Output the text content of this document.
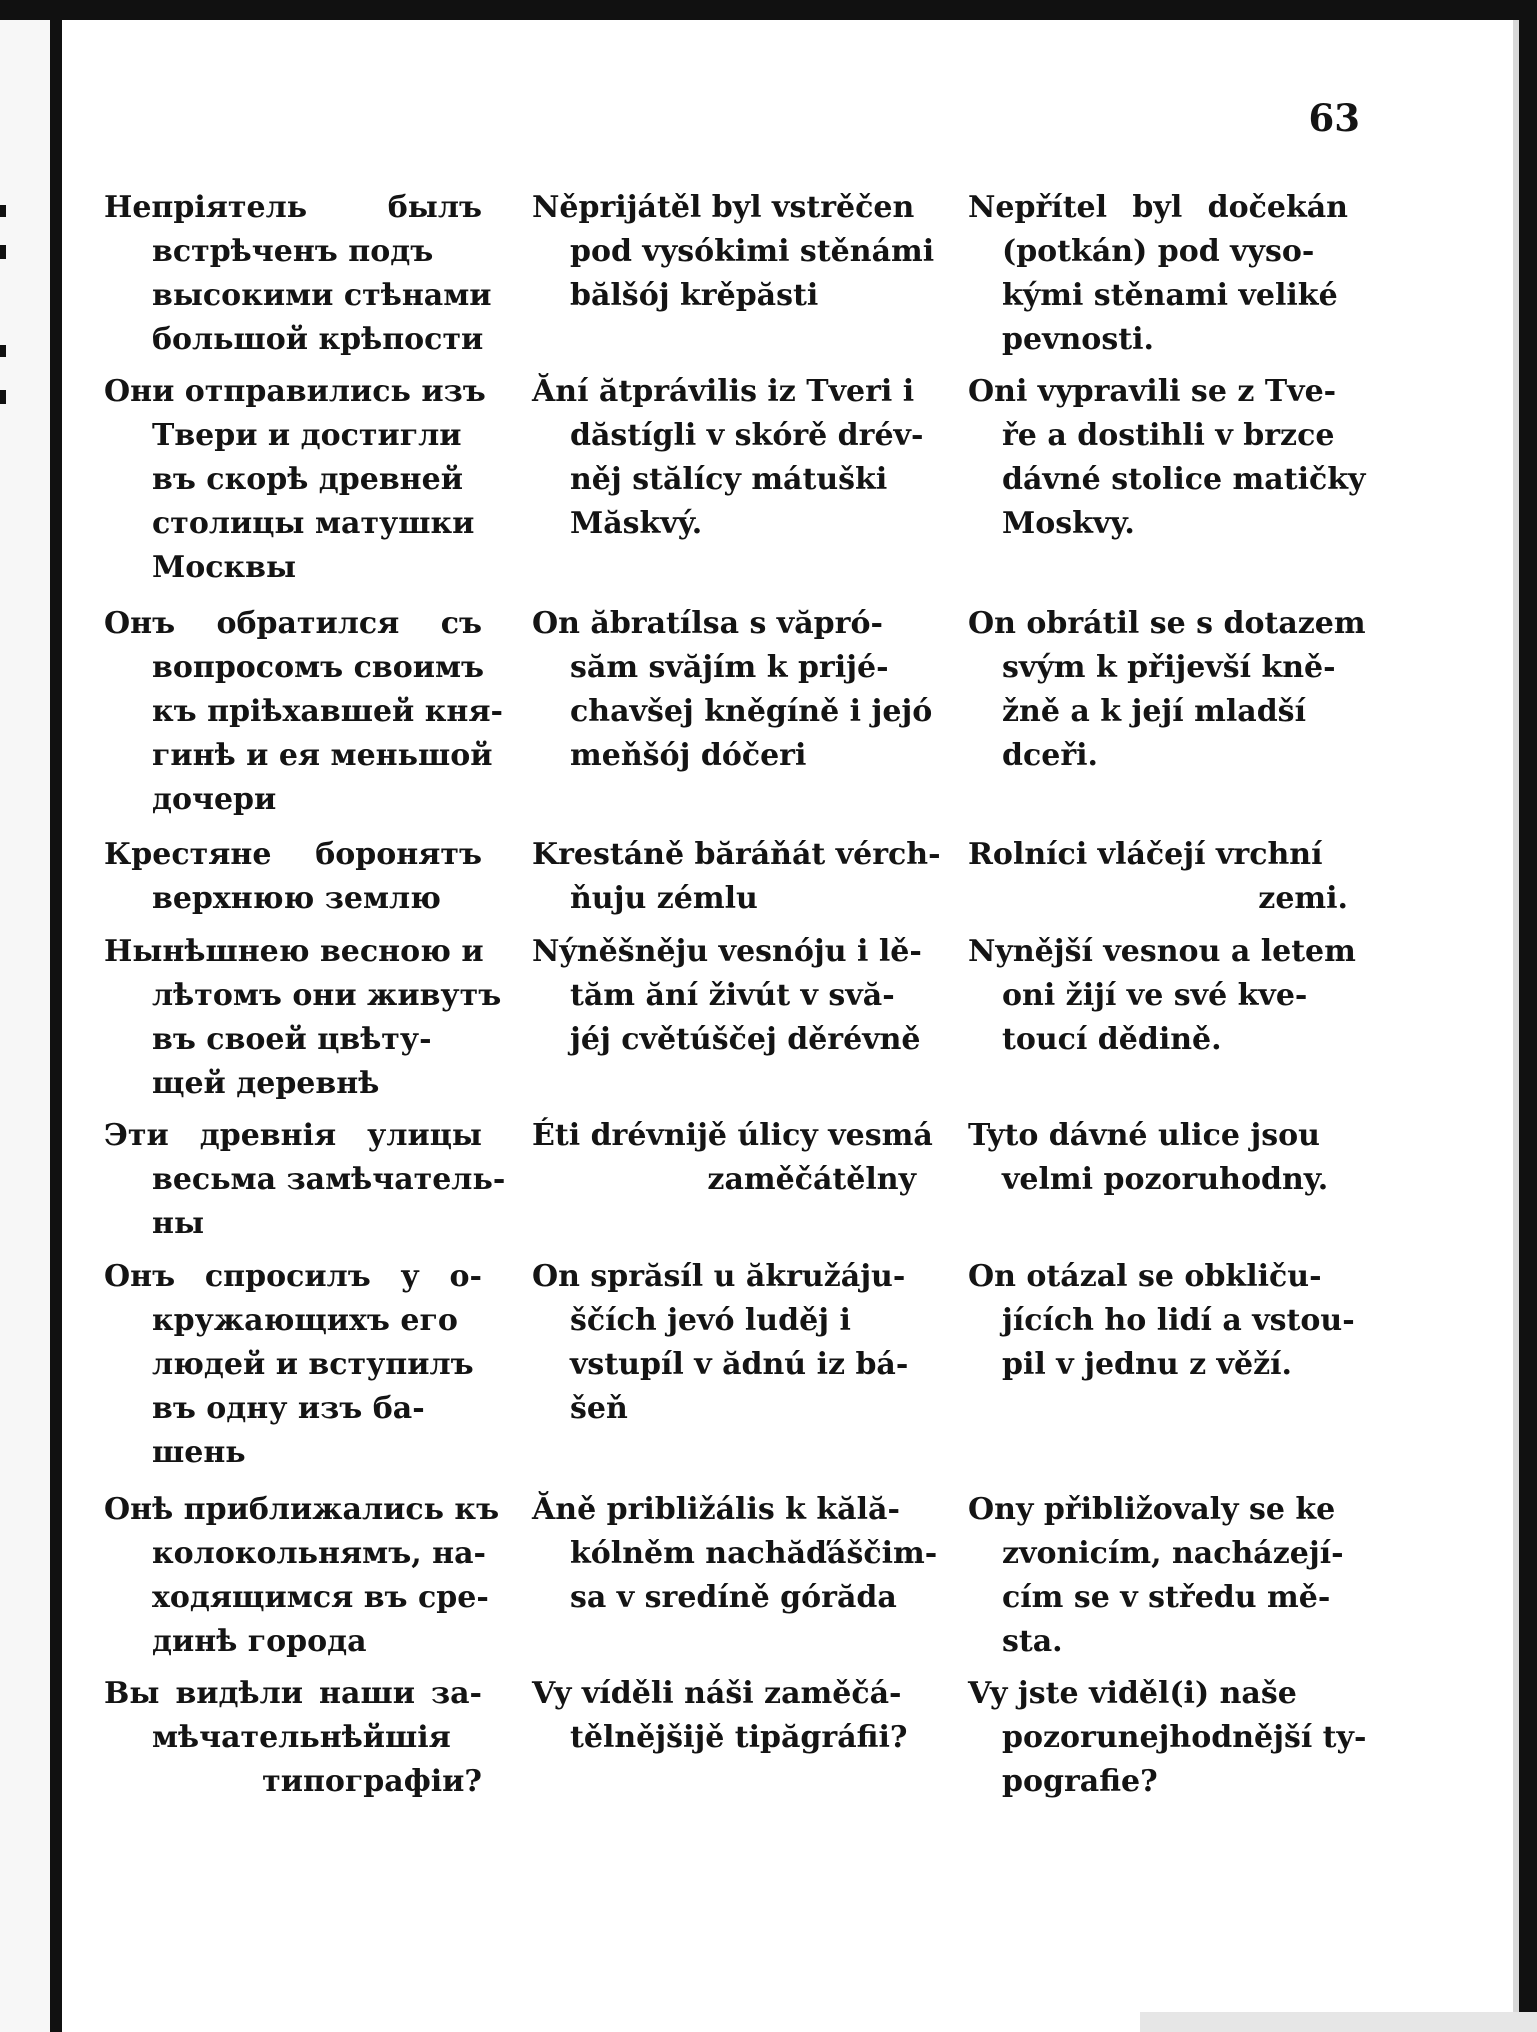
63
Непріятель былъ
встрѣченъ подъ
высокими стѣнами
большой крѣпости
Něprijátěl byl vstrěčen
pod vysókimi stěnámi
bălšój krěpăsti
Nepřítel byl dočekán
(potkán) pod vyso-
kými stěnami veliké
pevnosti.
Они отправились изъ
Твери и достигли
въ скорѣ древней
столицы матушки
Москвы
Ăní ătprávilis iz Tveri i
dăstígli v skórě drév-
něj stălícy mátuški
Măskvý.
Oni vypravili se z Tve-
ře a dostihli v brzce
dávné stolice matičky
Moskvy.
Онъ обратился съ
вопросомъ своимъ
къ пріѣхавшей кня-
гинѣ и ея меньшой
дочери
On ăbratílsa s văpró-
săm svăjím k prijé-
chavšej kněgíně i jejó
meňšój dóčeri
On obrátil se s dotazem
svým k přijevší kně-
žně a k její mladší
dceři.
Крестяне боронятъ
верхнюю землю
Krestáně băráňát vérch-
ňuju zémlu
Rolníci vláčejí vrchní
zemi.
Нынѣшнею весною и
лѣтомъ они живутъ
въ своей цвѣту-
щей деревнѣ
Nýněšněju vesnóju i lě-
tăm ăní živút v svă-
jéj cvětúščej děrévně
Nynější vesnou a letem
oni žijí ve své kve-
toucí dědině.
Эти древнія улицы
весьма замѣчатель-
ны
Éti drévnijě úlicy vesmá
zaměčátělny
Tyto dávné ulice jsou
velmi pozoruhodny.
Онъ спросилъ у о-
кружающихъ его
людей и вступилъ
въ одну изъ ба-
шень
On sprăsíl u ăkružáju-
ščích jevó luděj i
vstupíl v ădnú iz bá-
šeň
On otázal se obkliču-
jících ho lidí a vstou-
pil v jednu z věží.
Онѣ приближались къ
колокольнямъ, на-
ходящимся въ сре-
динѣ города
Ăně približális k kălă-
kólněm nachăďáščim-
sa v sredíně górăda
Ony přibližovaly se ke
zvonicím, nacházejí-
cím se v středu mě-
sta.
Вы видѣли наши за-
мѣчательнѣйшія
типографіи?
Vy víděli náši zaměčá-
tělnějšijě tipăgráfii?
Vy jste viděl(i) naše
pozorunejhodnější ty-
pografie?
